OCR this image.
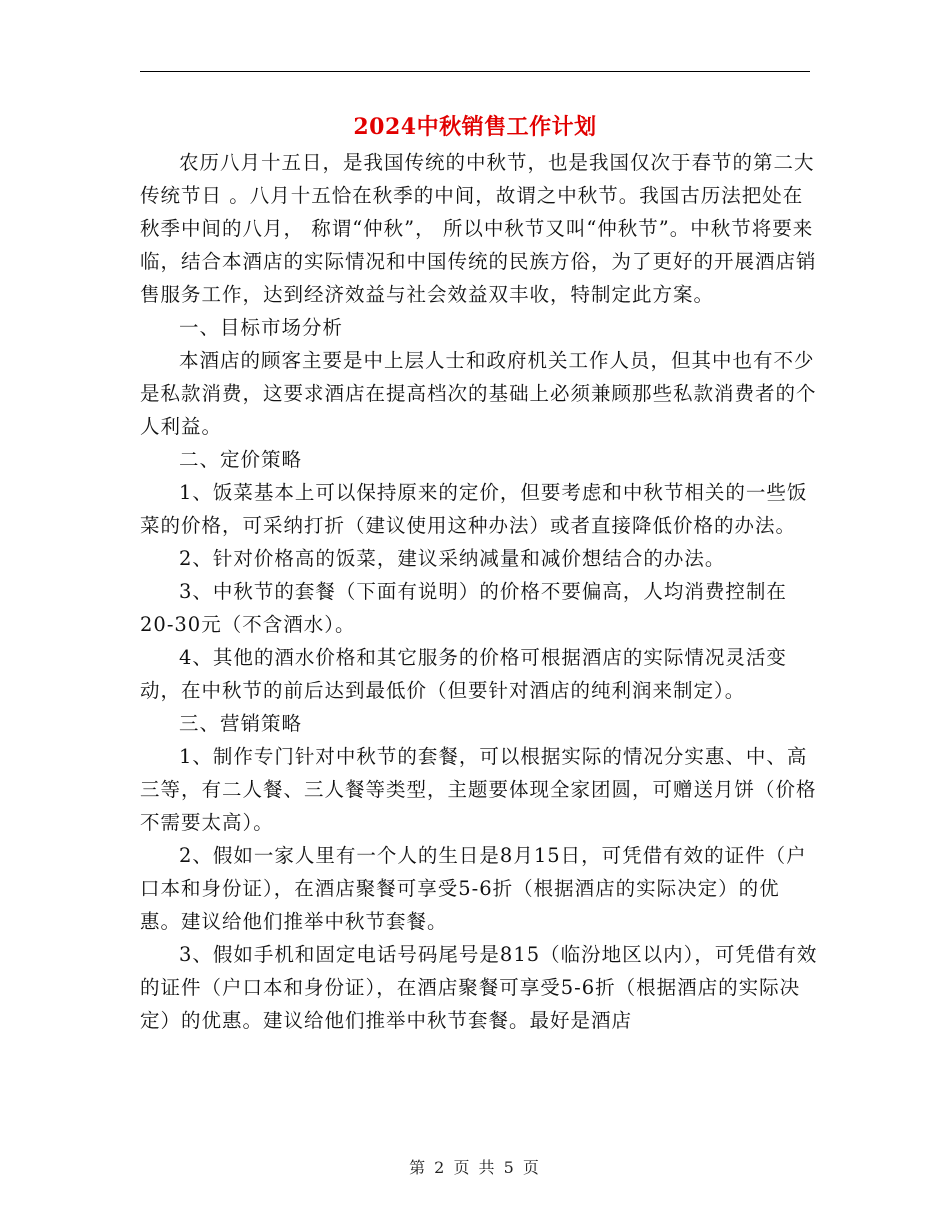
2024中秋销售工作计划

农历八月十五日，是我国传统的中秋节，也是我国仅次于春节的第二大传统节日 。八月十五恰在秋季的中间，故谓之中秋节。我国古历法把处在秋季中间的八月， 称谓“仲秋”， 所以中秋节又叫“仲秋节”。中秋节将要来临，结合本酒店的实际情况和中国传统的民族方俗，为了更好的开展酒店销售服务工作，达到经济效益与社会效益双丰收，特制定此方案。

一、目标市场分析

本酒店的顾客主要是中上层人士和政府机关工作人员，但其中也有不少是私款消费，这要求酒店在提高档次的基础上必须兼顾那些私款消费者的个人利益。

二、定价策略

1、饭菜基本上可以保持原来的定价，但要考虑和中秋节相关的一些饭菜的价格，可采纳打折（建议使用这种办法）或者直接降低价格的办法。

2、针对价格高的饭菜，建议采纳减量和减价想结合的办法。

3、中秋节的套餐（下面有说明）的价格不要偏高，人均消费控制在20-30元（不含酒水）。

4、其他的酒水价格和其它服务的价格可根据酒店的实际情况灵活变动，在中秋节的前后达到最低价（但要针对酒店的纯利润来制定）。

三、营销策略

1、制作专门针对中秋节的套餐，可以根据实际的情况分实惠、中、高三等，有二人餐、三人餐等类型，主题要体现全家团圆，可赠送月饼（价格不需要太高）。

2、假如一家人里有一个人的生日是8月15日，可凭借有效的证件（户口本和身份证），在酒店聚餐可享受5-6折（根据酒店的实际决定）的优惠。建议给他们推举中秋节套餐。

3、假如手机和固定电话号码尾号是815（临汾地区以内），可凭借有效的证件（户口本和身份证），在酒店聚餐可享受5-6折（根据酒店的实际决定）的优惠。建议给他们推举中秋节套餐。最好是酒店

第 2 页 共 5 页
